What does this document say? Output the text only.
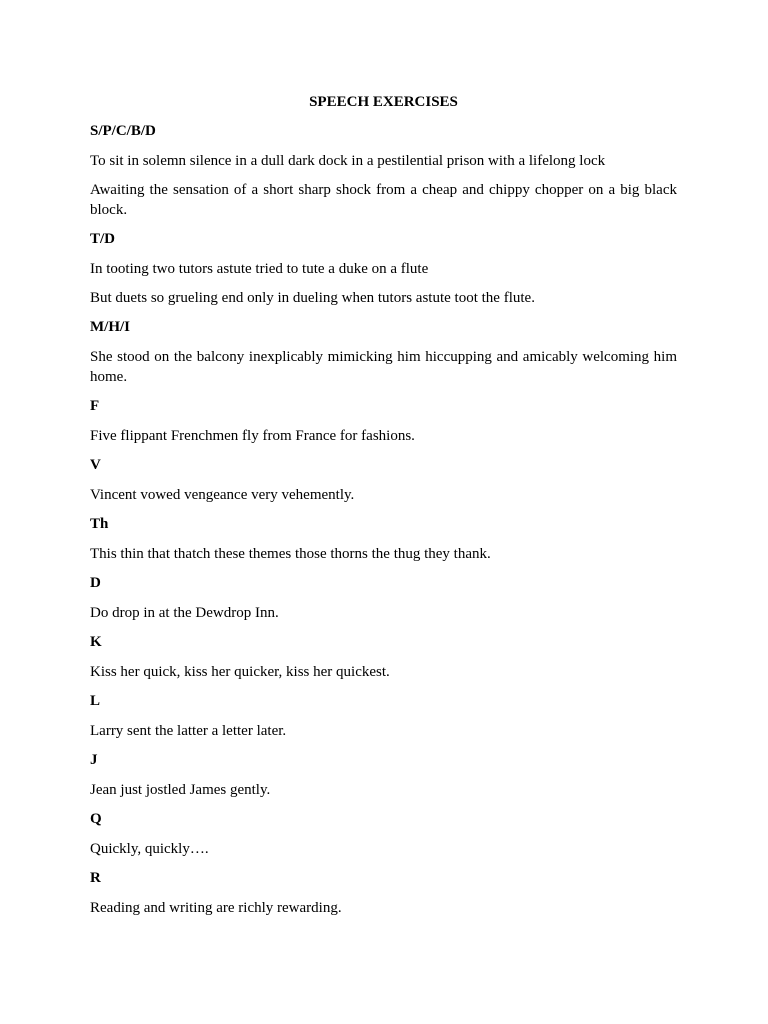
SPEECH EXERCISES
S/P/C/B/D
To sit in solemn silence in a dull dark dock in a pestilential prison with a lifelong lock
Awaiting the sensation of a short sharp shock from a cheap and chippy chopper on a big black block.
T/D
In tooting two tutors astute tried to tute a duke on a flute
But duets so grueling end only in dueling when tutors astute toot the flute.
M/H/I
She stood on the balcony inexplicably mimicking him hiccupping and amicably welcoming him home.
F
Five flippant Frenchmen fly from France for fashions.
V
Vincent vowed vengeance very vehemently.
Th
This thin that thatch these themes those thorns the thug they thank.
D
Do drop in at the Dewdrop Inn.
K
Kiss her quick, kiss her quicker, kiss her quickest.
L
Larry sent the latter a letter later.
J
Jean just jostled James gently.
Q
Quickly, quickly….
R
Reading and writing are richly rewarding.
